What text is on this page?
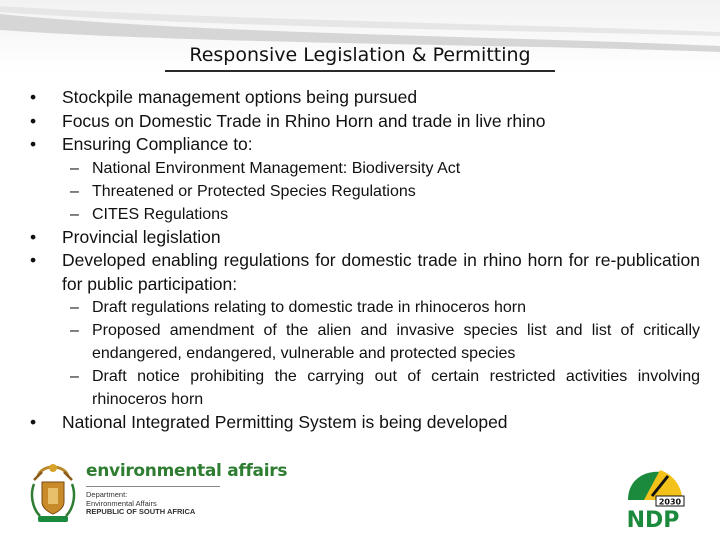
Responsive Legislation & Permitting
• Stockpile management options being pursued
• Focus on Domestic Trade in Rhino Horn and trade in live rhino
• Ensuring Compliance to:
– National Environment Management: Biodiversity Act
– Threatened or Protected Species Regulations
– CITES Regulations
• Provincial legislation
• Developed enabling regulations for domestic trade in rhino horn for re-publication for public participation:
– Draft regulations relating to domestic trade in rhinoceros horn
– Proposed amendment of the alien and invasive species list and list of critically endangered, endangered, vulnerable and protected species
– Draft notice prohibiting the carrying out of certain restricted activities involving rhinoceros horn
• National Integrated Permitting System is being developed
environmental affairs
Department:
Environmental Affairs
REPUBLIC OF SOUTH AFRICA
2030
NDP
